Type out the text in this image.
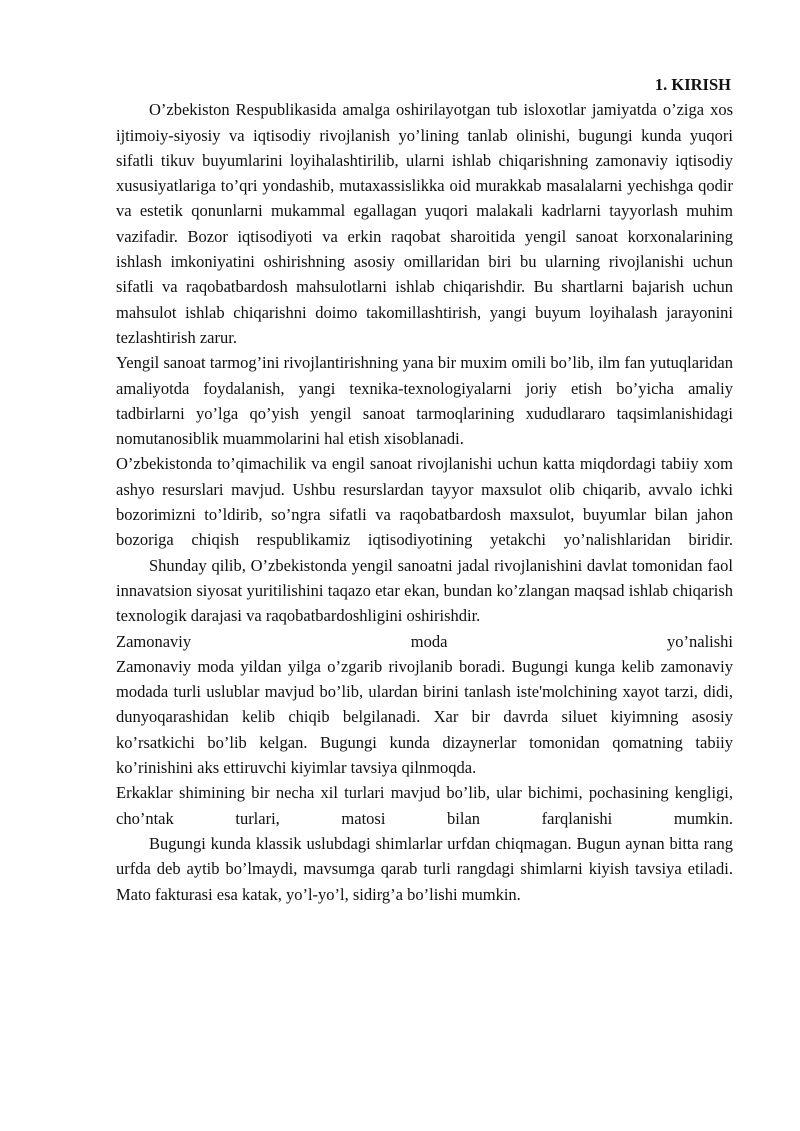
1. KIRISH

O’zbekiston Respublikasida amalga oshirilayotgan tub isloxotlar jamiyatda o’ziga xos ijtimoiy-siyosiy va iqtisodiy rivojlanish yo’lining tanlab olinishi, bugungi kunda yuqori sifatli tikuv buyumlarini loyihalashtirilib, ularni ishlab chiqarishning zamonaviy iqtisodiy xususiyatlariga to’qri yondashib, mutaxassislikka oid murakkab masalalarni yechishga qodir va estetik qonunlarni mukammal egallagan yuqori malakali kadrlarni tayyorlash muhim vazifadir. Bozor iqtisodiyoti va erkin raqobat sharoitida yengil sanoat korxonalarining ishlash imkoniyatini oshirishning asosiy omillaridan biri bu ularning rivojlanishi uchun sifatli va raqobatbardosh mahsulotlarni ishlab chiqarishdir. Bu shartlarni bajarish uchun mahsulot ishlab chiqarishni doimo takomillashtirish, yangi buyum loyihalash jarayonini tezlashtirish zarur.

Yengil sanoat tarmog’ini rivojlantirishning yana bir muxim omili bo’lib, ilm fan yutuqlaridan amaliyotda foydalanish, yangi texnika-texnologiyalarni joriy etish bo’yicha amaliy tadbirlarni yo’lga qo’yish yengil sanoat tarmoqlarining xududlararo taqsimlanishidagi nomutanosiblik muammolarini hal etish xisoblanadi.

O’zbekistonda to’qimachilik va engil sanoat rivojlanishi uchun katta miqdordagi tabiiy xom ashyo resurslari mavjud. Ushbu resurslardan tayyor maxsulot olib chiqarib, avvalo ichki bozorimizni to’ldirib, so’ngra sifatli va raqobatbardosh maxsulot, buyumlar bilan jahon bozoriga chiqish respublikamiz iqtisodiyotining yetakchi yo’nalishlaridan biridir.

Shunday qilib, O’zbekistonda yengil sanoatni jadal rivojlanishini davlat tomonidan faol innavatsion siyosat yuritilishini taqazo etar ekan, bundan ko’zlangan maqsad ishlab chiqarish texnologik darajasi va raqobatbardoshligini oshirishdir.

Zamonaviy moda yo’nalishi

Zamonaviy moda yildan yilga o’zgarib rivojlanib boradi. Bugungi kunga kelib zamonaviy modada turli uslublar mavjud bo’lib, ulardan birini tanlash iste'molchining xayot tarzi, didi, dunyoqarashidan kelib chiqib belgilanadi. Xar bir davrda siluet kiyimning asosiy ko’rsatkichi bo’lib kelgan. Bugungi kunda dizaynerlar tomonidan qomatning tabiiy ko’rinishini aks ettiruvchi kiyimlar tavsiya qilnmoqda.

Erkaklar shimining bir necha xil turlari mavjud bo’lib, ular bichimi, pochasining kengligi, cho’ntak turlari, matosi bilan farqlanishi mumkin.

Bugungi kunda klassik uslubdagi shimlarlar urfdan chiqmagan. Bugun aynan bitta rang urfda deb aytib bo’lmaydi, mavsumga qarab turli rangdagi shimlarni kiyish tavsiya etiladi. Mato fakturasi esa katak, yo’l-yo’l, sidirg’a bo’lishi mumkin.
